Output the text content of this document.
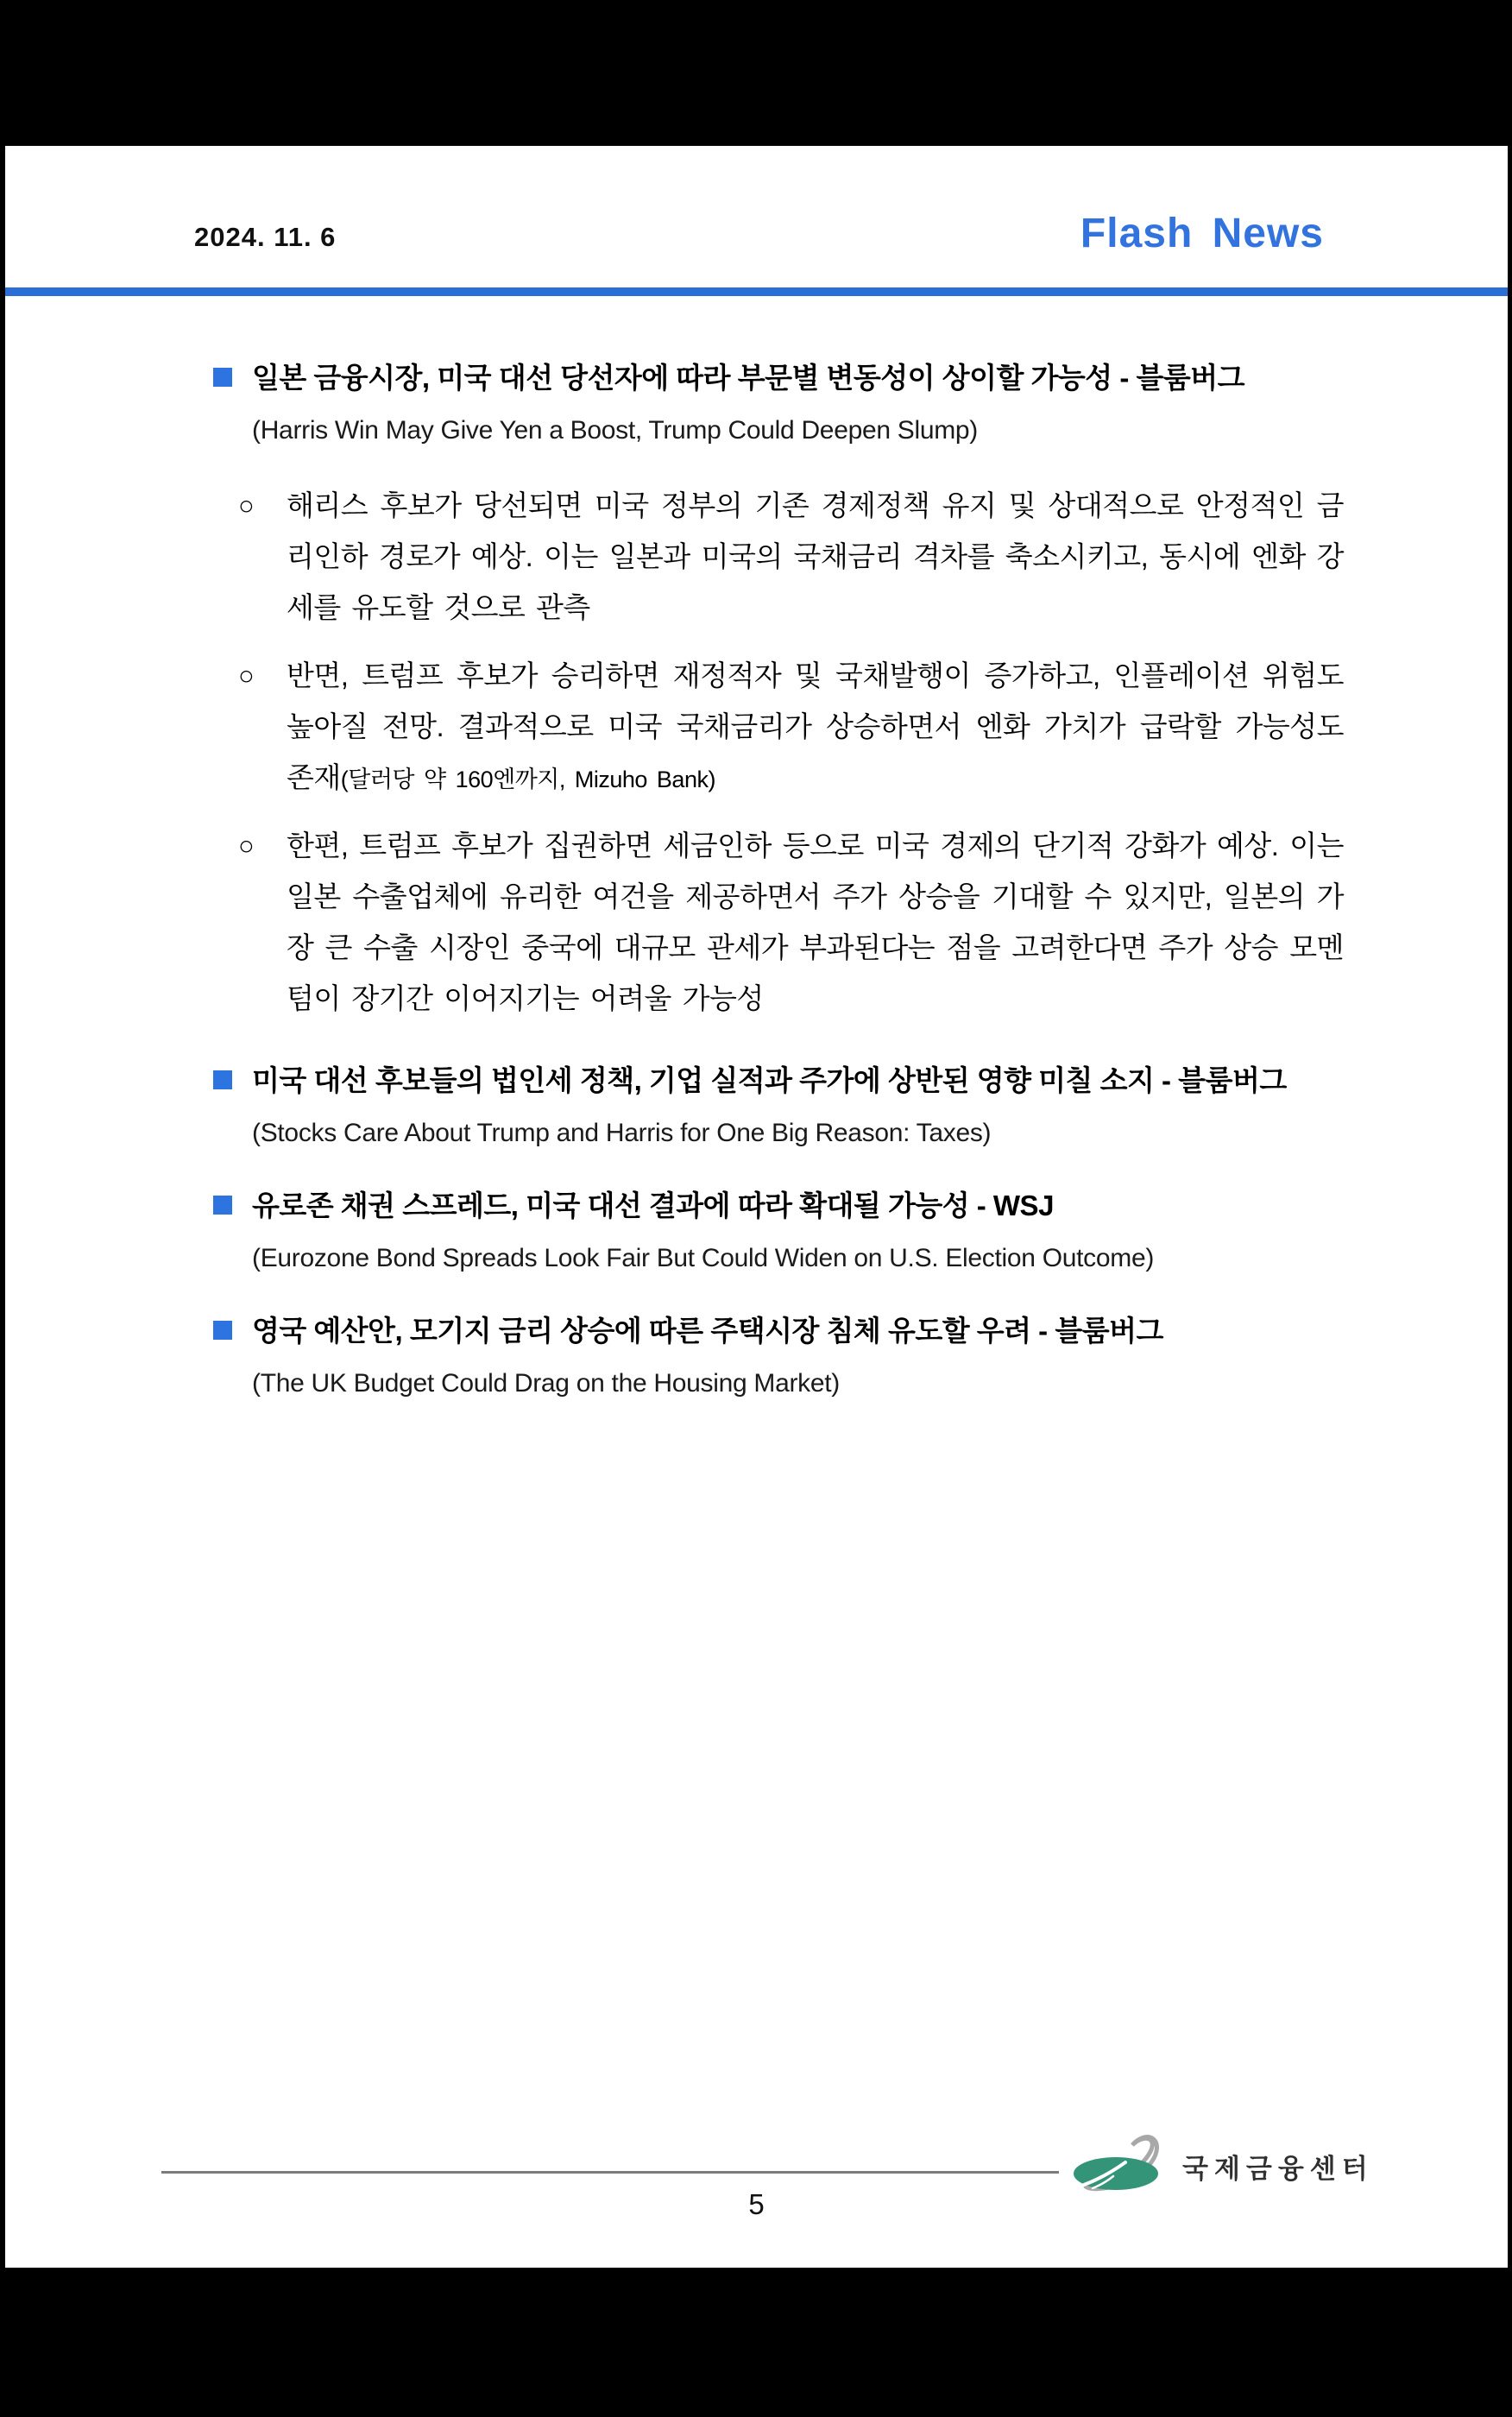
2024. 11. 6	Flash News
일본 금융시장, 미국 대선 당선자에 따라 부문별 변동성이 상이할 가능성 - 블룸버그
(Harris Win May Give Yen a Boost, Trump Could Deepen Slump)
○	해리스 후보가 당선되면 미국 정부의 기존 경제정책 유지 및 상대적으로 안정적인 금리인하 경로가 예상. 이는 일본과 미국의 국채금리 격차를 축소시키고, 동시에 엔화 강세를 유도할 것으로 관측
○	반면, 트럼프 후보가 승리하면 재정적자 및 국채발행이 증가하고, 인플레이션 위험도 높아질 전망. 결과적으로 미국 국채금리가 상승하면서 엔화 가치가 급락할 가능성도 존재(달러당 약 160엔까지, Mizuho Bank)
○	한편, 트럼프 후보가 집권하면 세금인하 등으로 미국 경제의 단기적 강화가 예상. 이는 일본 수출업체에 유리한 여건을 제공하면서 주가 상승을 기대할 수 있지만, 일본의 가장 큰 수출 시장인 중국에 대규모 관세가 부과된다는 점을 고려한다면 주가 상승 모멘텀이 장기간 이어지기는 어려울 가능성
미국 대선 후보들의 법인세 정책, 기업 실적과 주가에 상반된 영향 미칠 소지 - 블룸버그
(Stocks Care About Trump and Harris for One Big Reason: Taxes)
유로존 채권 스프레드, 미국 대선 결과에 따라 확대될 가능성 - WSJ
(Eurozone Bond Spreads Look Fair But Could Widen on U.S. Election Outcome)
영국 예산안, 모기지 금리 상승에 따른 주택시장 침체 유도할 우려 - 블룸버그
(The UK Budget Could Drag on the Housing Market)
국제금융센터
5
